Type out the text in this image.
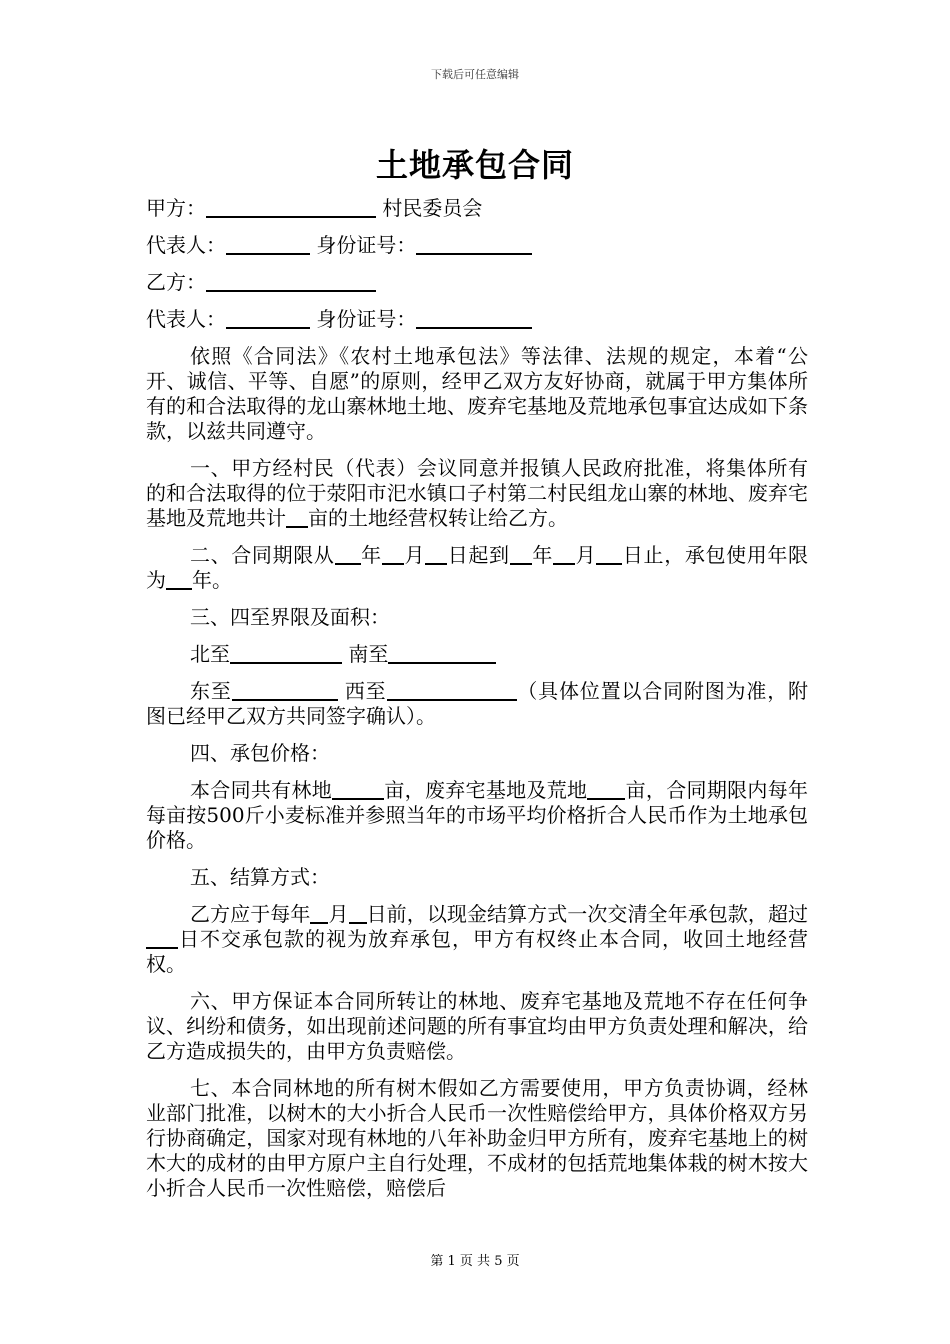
下载后可任意编辑
土地承包合同
甲方：	村民委员会
代表人：	身份证号：
乙方：
代表人：	身份证号：
依照《合同法》《农村土地承包法》等法律、法规的规定，本着“公开、诚信、平等、自愿”的原则，经甲乙双方友好协商，就属于甲方集体所有的和合法取得的龙山寨林地土地、废弃宅基地及荒地承包事宜达成如下条款，以兹共同遵守。
一、甲方经村民（代表）会议同意并报镇人民政府批准，将集体所有的和合法取得的位于荥阳市汜水镇口子村第二村民组龙山寨的林地、废弃宅基地及荒地共计 亩的土地经营权转让给乙方。
二、合同期限从 年 月 日起到 年 月 日止，承包使用年限为 年。
三、四至界限及面积：
北至	南至
东至	西至	（具体位置以合同附图为准，附图已经甲乙双方共同签字确认）。
四、承包价格：
本合同共有林地	亩，废弃宅基地及荒地 亩，合同期限内每年每亩按500斤小麦标准并参照当年的市场平均价格折合人民币作为土地承包价格。
五、结算方式：
乙方应于每年 月 日前，以现金结算方式一次交清全年承包款，超过日不交承包款的视为放弃承包，甲方有权终止本合同，收回土地经营权。
六、甲方保证本合同所转让的林地、废弃宅基地及荒地不存在任何争议、纠纷和债务，如出现前述问题的所有事宜均由甲方负责处理和解决，给乙方造成损失的，由甲方负责赔偿。
七、本合同林地的所有树木假如乙方需要使用，甲方负责协调，经林业部门批准，以树木的大小折合人民币一次性赔偿给甲方，具体价格双方另行协商确定，国家对现有林地的八年补助金归甲方所有，废弃宅基地上的树木大的成材的由甲方原户主自行处理，不成材的包括荒地集体栽的树木按大小折合人民币一次性赔偿，赔偿后
第 1 页 共 5 页
